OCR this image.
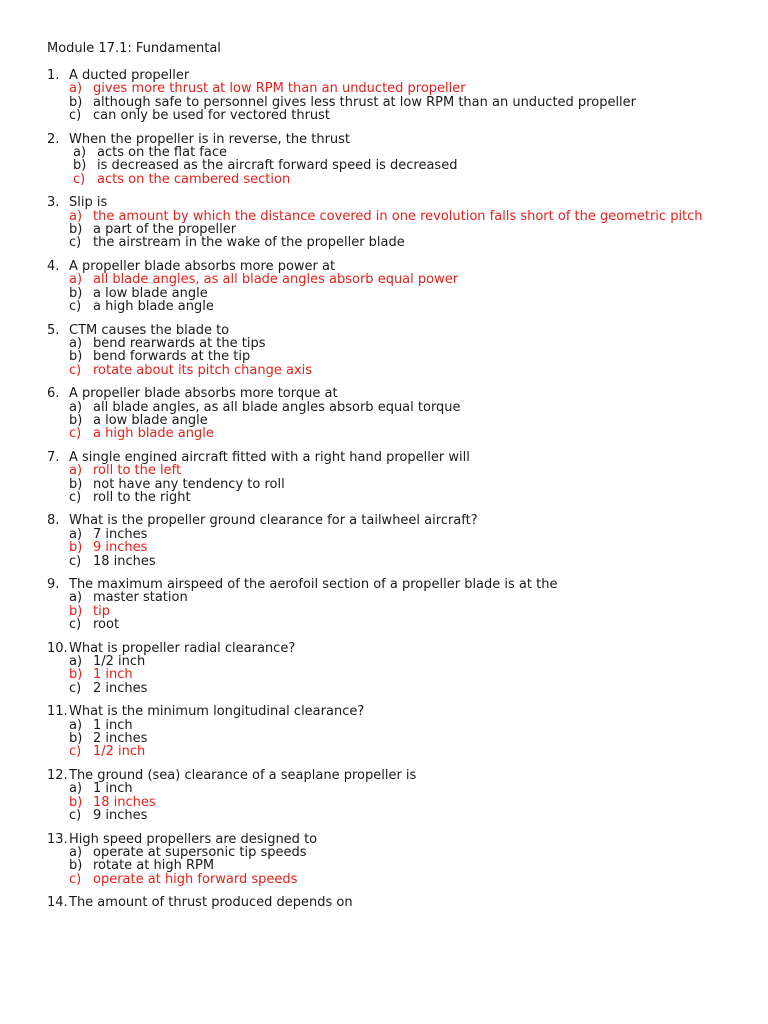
Module 17.1: Fundamental
1. A ducted propeller
a) gives more thrust at low RPM than an unducted propeller
b) although safe to personnel gives less thrust at low RPM than an unducted propeller
c) can only be used for vectored thrust
2. When the propeller is in reverse, the thrust
a) acts on the flat face
b) is decreased as the aircraft forward speed is decreased
c) acts on the cambered section
3. Slip is
a) the amount by which the distance covered in one revolution falls short of the geometric pitch
b) a part of the propeller
c) the airstream in the wake of the propeller blade
4. A propeller blade absorbs more power at
a) all blade angles, as all blade angles absorb equal power
b) a low blade angle
c) a high blade angle
5. CTM causes the blade to
a) bend rearwards at the tips
b) bend forwards at the tip
c) rotate about its pitch change axis
6. A propeller blade absorbs more torque at
a) all blade angles, as all blade angles absorb equal torque
b) a low blade angle
c) a high blade angle
7. A single engined aircraft fitted with a right hand propeller will
a) roll to the left
b) not have any tendency to roll
c) roll to the right
8. What is the propeller ground clearance for a tailwheel aircraft?
a) 7 inches
b) 9 inches
c) 18 inches
9. The maximum airspeed of the aerofoil section of a propeller blade is at the
a) master station
b) tip
c) root
10. What is propeller radial clearance?
a) 1/2 inch
b) 1 inch
c) 2 inches
11. What is the minimum longitudinal clearance?
a) 1 inch
b) 2 inches
c) 1/2 inch
12. The ground (sea) clearance of a seaplane propeller is
a) 1 inch
b) 18 inches
c) 9 inches
13. High speed propellers are designed to
a) operate at supersonic tip speeds
b) rotate at high RPM
c) operate at high forward speeds
14. The amount of thrust produced depends on
